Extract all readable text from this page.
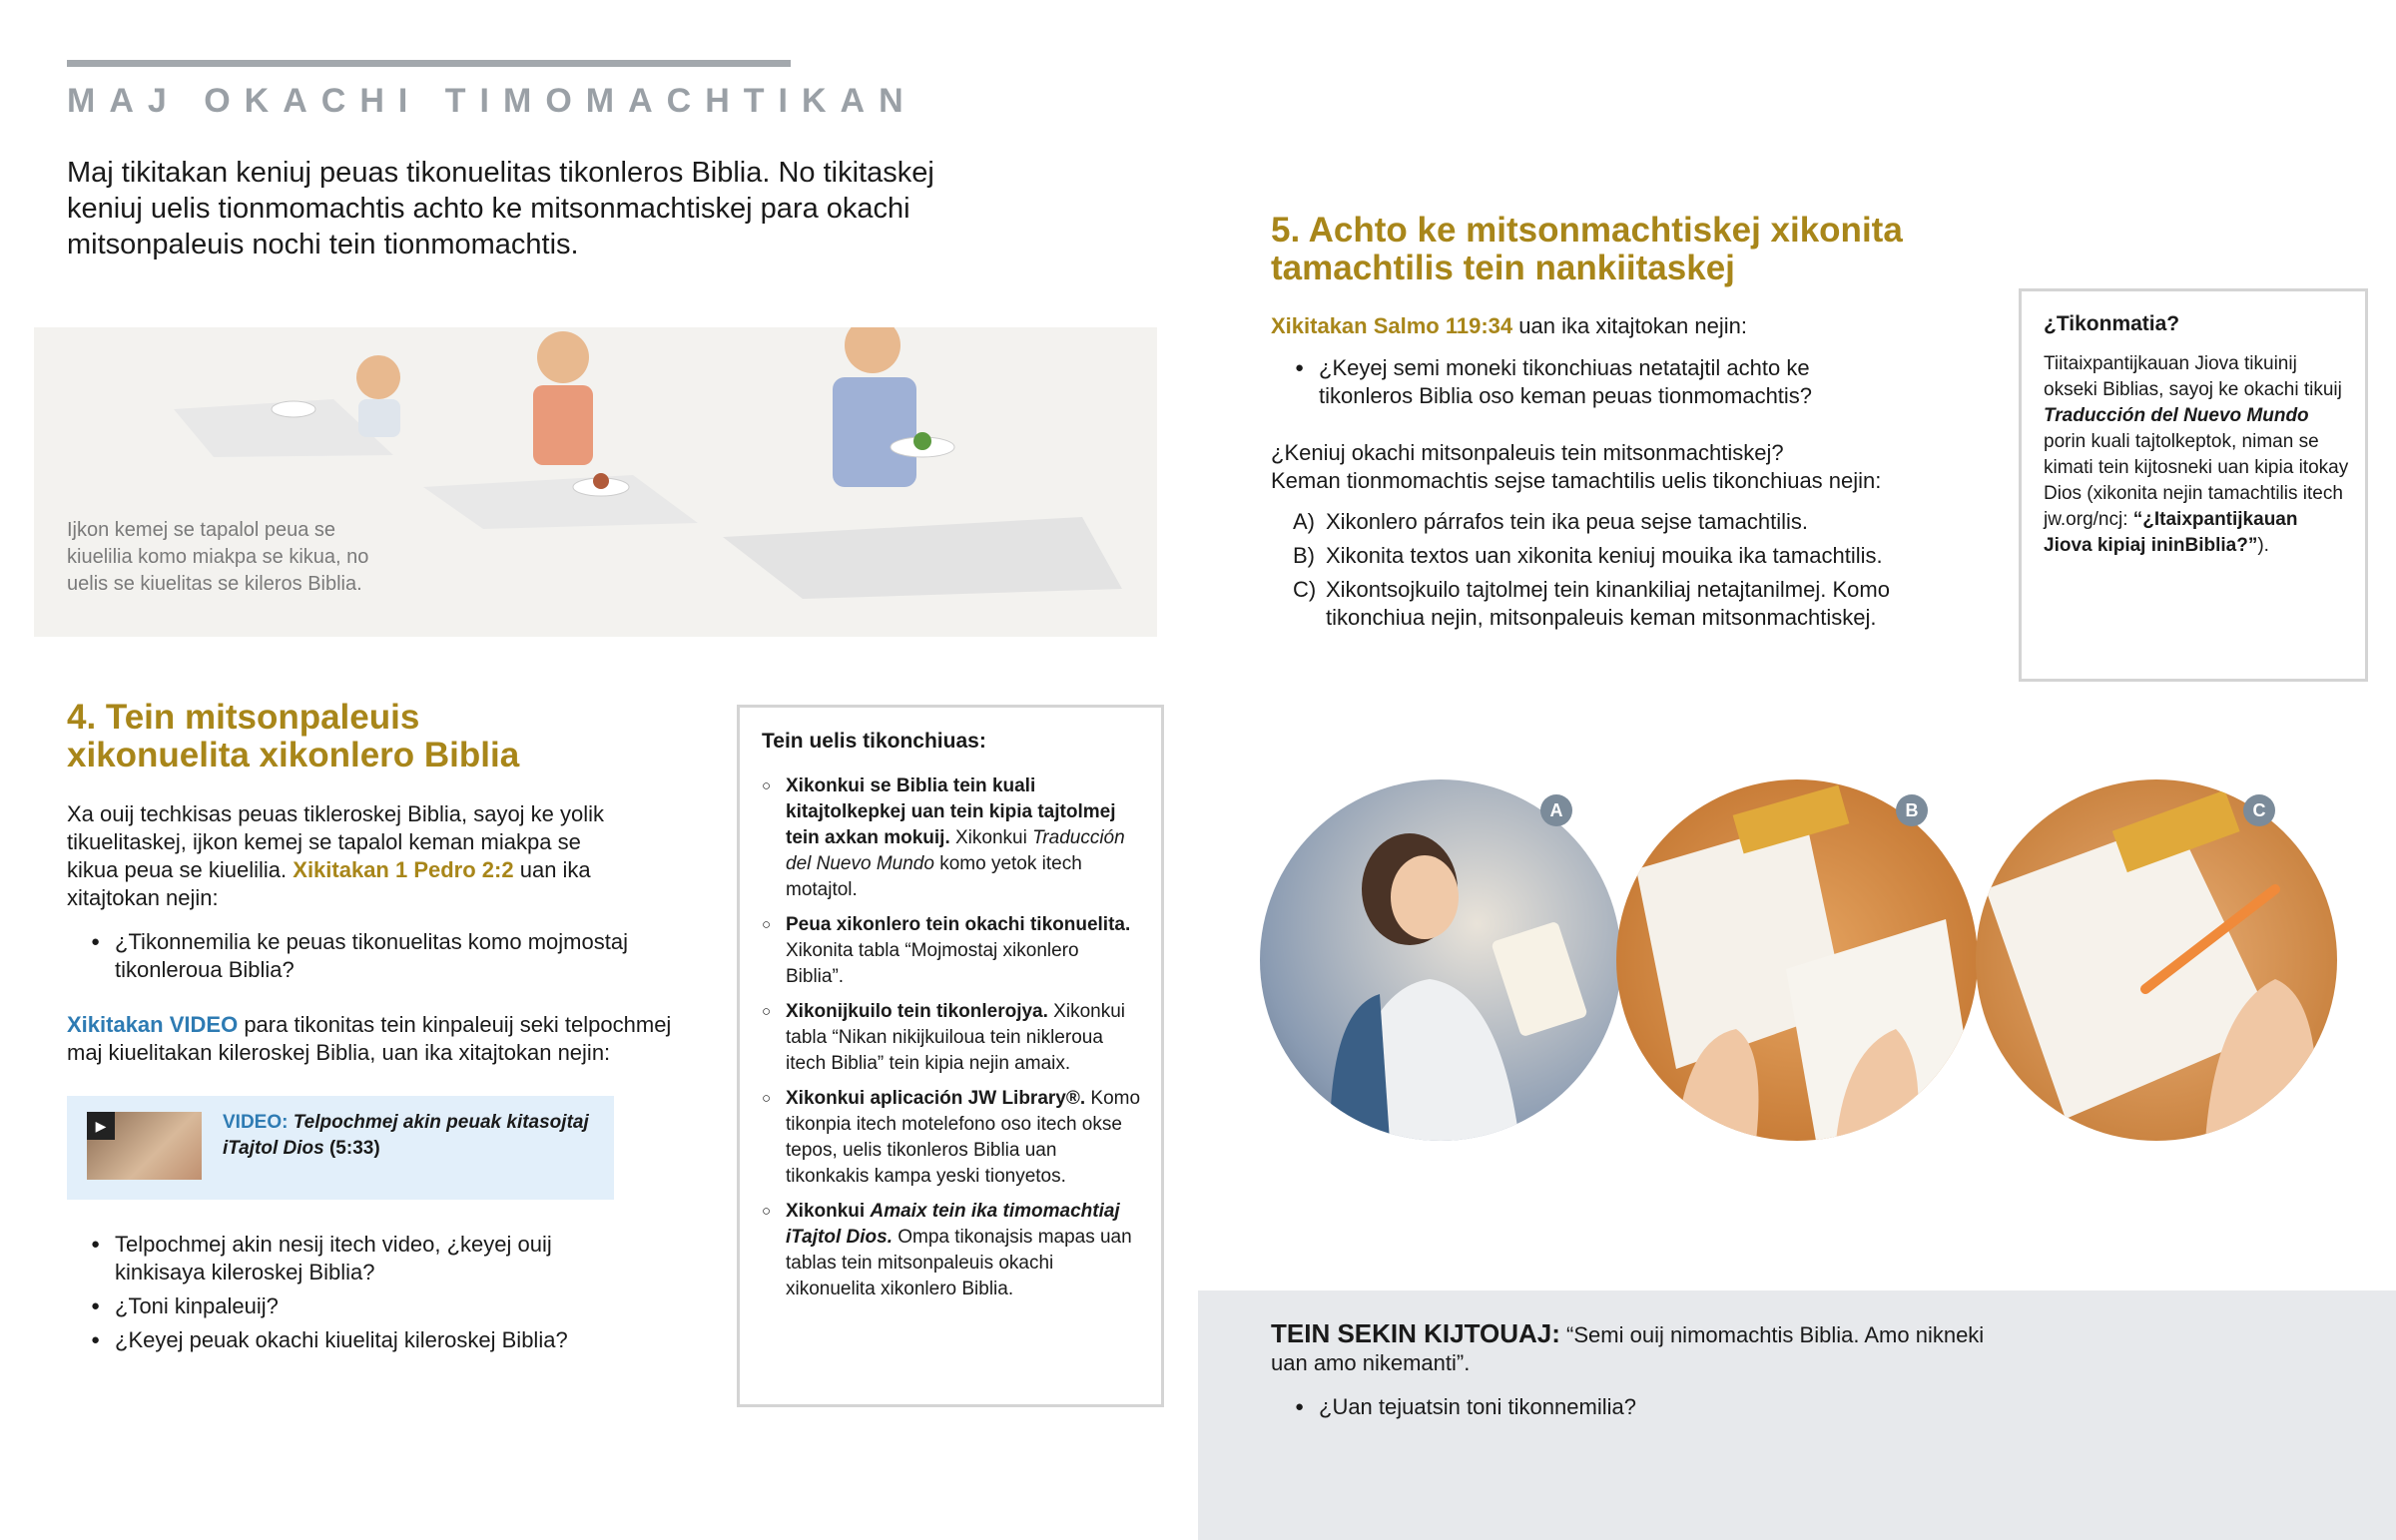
MAJ OKACHI TIMOMACHTIKAN

Maj tikitakan keniuj peuas tikonuelitas tikonleros Biblia. No tikitaskej keniuj uelis tionmomachtis achto ke mitsonmachtiskej para okachi mitsonpaleuis nochi tein tionmomachtis.

Ijkon kemej se tapalol peua se kiuelilia komo miakpa se kikua, no uelis se kiuelitas se kileros Biblia.

4. Tein mitsonpaleuis

xikonuelita xikonlero Biblia

Xa ouij techkisas peuas tikleroskej Biblia, sayoj ke yolik tikuelitaskej, ijkon kemej se tapalol keman miakpa se kikua peua se kiuelilia. Xikitakan 1 Pedro 2:2 uan ika xitajtokan nejin:

● ¿Tikonnemilia ke peuas tikonuelitas komo mojmostaj tikonleroua Biblia?

Xikitakan VIDEO para tikonitas tein kinpaleuij seki telpochmej maj kiuelitakan kileroskej Biblia, uan ika xitajtokan nejin:

▶	VIDEO: Telpochmej akin peuak kitasojtaj iTajtol Dios (5:33)
● Telpochmej akin nesij itech video, ¿keyej ouij kinkisaya kileroskej Biblia?
● ¿Toni kinpaleuij?
● ¿Keyej peuak okachi kiuelitaj kileroskej Biblia?

Tein uelis tikonchiuas:

○ Xikonkui se Biblia tein kuali kitajtolkepkej uan tein kipia tajtolmej tein axkan mokuij. Xikonkui Traducción del Nuevo Mundo komo yetok itech motajtol.
○ Peua xikonlero tein okachi tikonuelita. Xikonita tabla “Mojmostaj xikonlero Biblia”.
○ Xikonijkuilo tein tikonlerojya. Xikonkui tabla “Nikan nikijkuiloua tein nikleroua itech Biblia” tein kipia nejin amaix.
○ Xikonkui aplicación JW Library®. Komo tikonpia itech motelefono oso itech okse tepos, uelis tikonleros Biblia uan tikonkakis kampa yeski tionyetos.
○ Xikonkui Amaix tein ika timomachtiaj iTajtol Dios. Ompa tikonajsis mapas uan tablas tein mitsonpaleuis okachi xikonuelita xikonlero Biblia.

5. Achto ke mitsonmachtiskej xikonita

tamachtilis tein nankiitaskej

Xikitakan Salmo 119:34 uan ika xitajtokan nejin:

● ¿Keyej semi moneki tikonchiuas netatajtil achto ke tikonleros Biblia oso keman peuas tionmomachtis?

¿Keniuj okachi mitsonpaleuis tein mitsonmachtiskej?

Keman tionmomachtis sejse tamachtilis uelis tikonchiuas nejin:

A) Xikonlero párrafos tein ika peua sejse tamachtilis.
B) Xikonita textos uan xikonita keniuj mouika ika tamachtilis.
C) Xikontsojkuilo tajtolmej tein kinankiliaj netajtanilmej. Komo tikonchiua nejin, mitsonpaleuis keman mitsonmachtiskej.

¿Tikonmatia?

Tiitaixpantijkauan Jiova tikuinij okseki Biblias, sayoj ke okachi tikuij Traducción del Nuevo Mundo porin kuali tajtolkeptok, niman se kimati tein kijtosneki uan kipia itokay Dios (xikonita nejin tamachtilis itech jw.org/ncj: “¿Itaixpantijkauan Jiova kipiaj ininBiblia?”).

A	B	C

TEIN SEKIN KIJTOUAJ: “Semi ouij nimomachtis Biblia. Amo nikneki uan amo nikemanti”.

● ¿Uan tejuatsin toni tikonnemilia?
